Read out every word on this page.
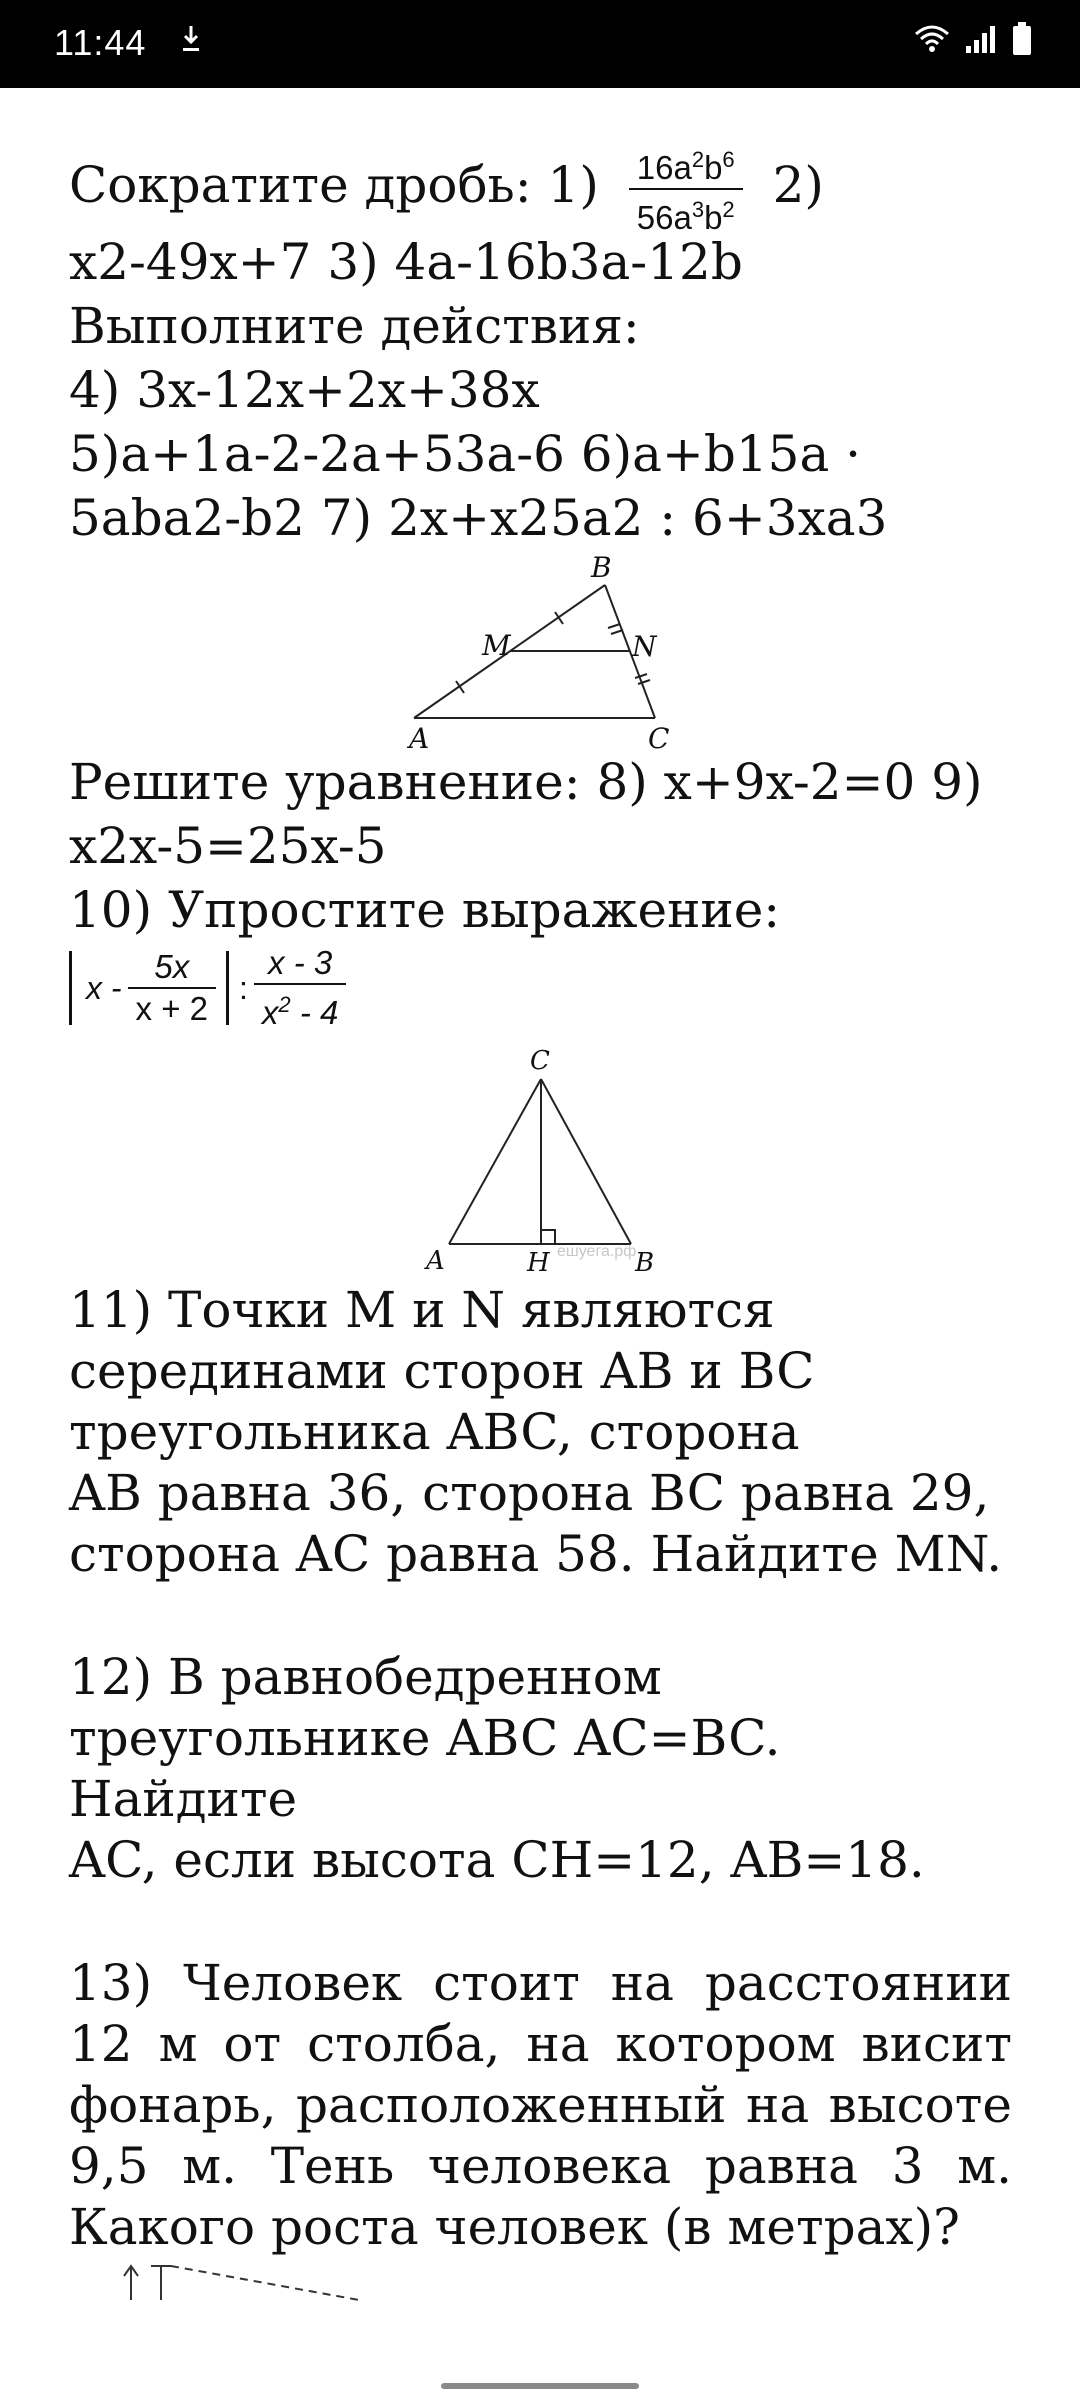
11:44
Сократите дробь: $1) \frac{16a^2b^6}{56a^3b^2} 2$)
x2-49x+7 3) 4a-16b3a-12b
Выполните действия:
4) 3x-12x+2x+38x
5)a+1a-2-2a+53a-6 6)a+b15a ·
5aba2-b2 7) 2x+x25a2 : 6+3xa3
B
M	N
A	C
Решите уравнение: 8) x+9x-2=0 9)
x2x-5=25x-5
10) Упростите выражение:
x - $\frac{5x}{x + 2}$ : $\frac{x - 3}{x^2 - 4}$
C
A	H	B
ешуега.рф
11) Точки M и N являются
серединами сторон AB и BC
треугольника ABC, сторона
AB равна 36, сторона BC равна 29,
сторона AC равна 58. Найдите MN.
12) В равнобедренном
треугольнике ABC AC=BC. Найдите
AC, если высота CH=12, AB=18.
13) Человек стоит на расстоянии 12 м от столба, на котором висит фонарь, расположенный на высоте 9,5 м. Тень человека равна 3 м. Какого роста человек (в метрах)?
